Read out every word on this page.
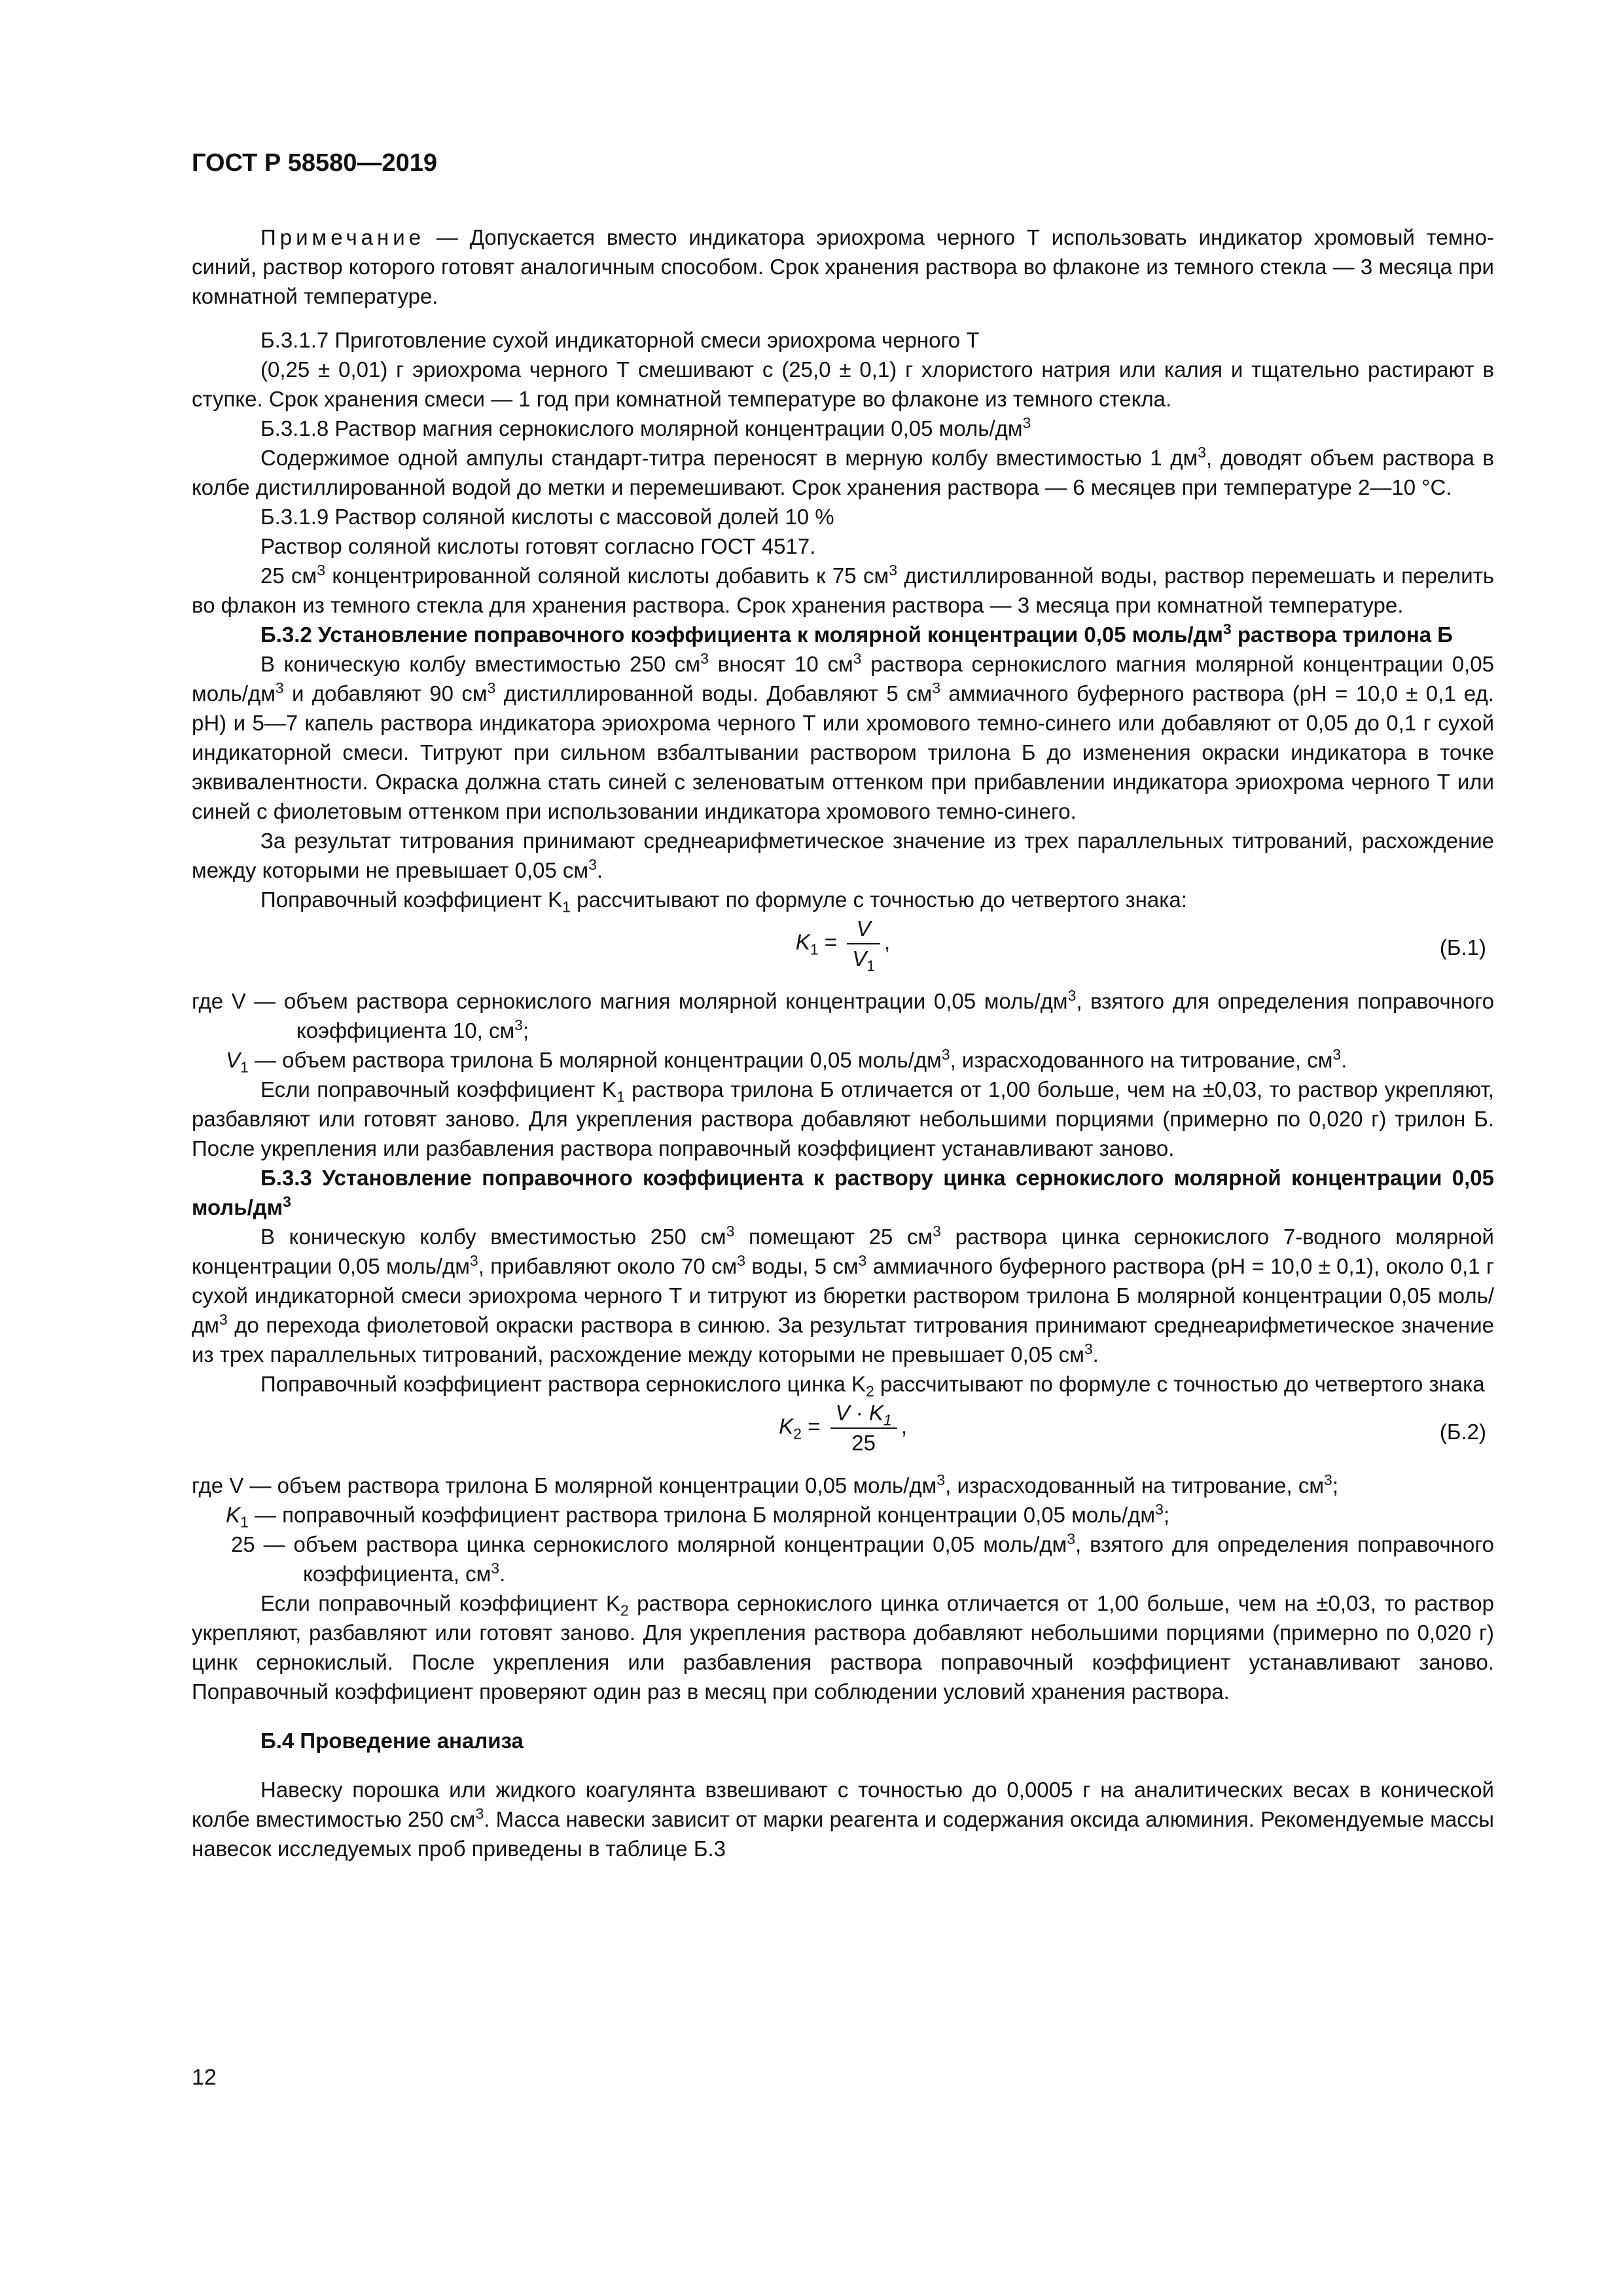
ГОСТ Р 58580—2019

Примечание — Допускается вместо индикатора эриохрома черного Т использовать индикатор хромовый темно-синий, раствор которого готовят аналогичным способом. Срок хранения раствора во флаконе из темного стекла — 3 месяца при комнатной температуре.

Б.3.1.7 Приготовление сухой индикаторной смеси эриохрома черного Т

(0,25 ± 0,01) г эриохрома черного Т смешивают с (25,0 ± 0,1) г хлористого натрия или калия и тщательно растирают в ступке. Срок хранения смеси — 1 год при комнатной температуре во флаконе из темного стекла.

Б.3.1.8 Раствор магния сернокислого молярной концентрации 0,05 моль/$дм^3$

Содержимое одной ампулы стандарт-титра переносят в мерную колбу вместимостью 1 $дм^3$, доводят объем раствора в колбе дистиллированной водой до метки и перемешивают. Срок хранения раствора — 6 месяцев при температуре 2—10 °С.

Б.3.1.9 Раствор соляной кислоты с массовой долей 10 %

Раствор соляной кислоты готовят согласно ГОСТ 4517.

25 $см^3$ концентрированной соляной кислоты добавить к 75 $см^3$ дистиллированной воды, раствор перемешать и перелить во флакон из темного стекла для хранения раствора. Срок хранения раствора — 3 месяца при комнатной температуре.

Б.3.2 Установление поправочного коэффициента к молярной концентрации 0,05 моль/$дм^3$ раствора трилона Б

В коническую колбу вместимостью 250 $см^3$ вносят 10 $см^3$ раствора сернокислого магния молярной концентрации 0,05 моль/$дм^3$ и добавляют 90 $см^3$ дистиллированной воды. Добавляют 5 $см^3$ аммиачного буферного раствора (pH = 10,0 ± 0,1 ед. pH) и 5—7 капель раствора индикатора эриохрома черного Т или хромового темно-синего или добавляют от 0,05 до 0,1 г сухой индикаторной смеси. Титруют при сильном взбалтывании раствором трилона Б до изменения окраски индикатора в точке эквивалентности. Окраска должна стать синей с зеленоватым оттенком при прибавлении индикатора эриохрома черного Т или синей с фиолетовым оттенком при использовании индикатора хромового темно-синего.

За результат титрования принимают среднеарифметическое значение из трех параллельных титрований, расхождение между которыми не превышает 0,05 $см^3$.

Поправочный коэффициент $K_1$ рассчитывают по формуле с точностью до четвертого знака:

$K_1 = \frac{V}{V_1}$ ,	(Б.1)

где V — объем раствора сернокислого магния молярной концентрации 0,05 моль/$дм^3$, взятого для определения поправочного коэффициента 10, $см^3$;

$V_1$ — объем раствора трилона Б молярной концентрации 0,05 моль/$дм^3$, израсходованного на титрование, $см^3$.

Если поправочный коэффициент $K_1$ раствора трилона Б отличается от 1,00 больше, чем на ±0,03, то раствор укрепляют, разбавляют или готовят заново. Для укрепления раствора добавляют небольшими порциями (примерно по 0,020 г) трилон Б. После укрепления или разбавления раствора поправочный коэффициент устанавливают заново.

Б.3.3 Установление поправочного коэффициента к раствору цинка сернокислого молярной концентрации 0,05 моль/$дм^3$

В коническую колбу вместимостью 250 $см^3$ помещают 25 $см^3$ раствора цинка сернокислого 7-водного молярной концентрации 0,05 моль/$дм^3$, прибавляют около 70 $см^3$ воды, 5 $см^3$ аммиачного буферного раствора (pH = 10,0 ± 0,1), около 0,1 г сухой индикаторной смеси эриохрома черного Т и титруют из бюретки раствором трилона Б молярной концентрации 0,05 моль/$дм^3$ до перехода фиолетовой окраски раствора в синюю. За результат титрования принимают среднеарифметическое значение из трех параллельных титрований, расхождение между которыми не превышает 0,05 $см^3$.

Поправочный коэффициент раствора сернокислого цинка $K_2$ рассчитывают по формуле с точностью до четвертого знака

$K_2 = \frac{V \cdot K_1}{25}$ ,	(Б.2)

где V — объем раствора трилона Б молярной концентрации 0,05 моль/$дм^3$, израсходованный на титрование, $см^3$;

$K_1$ — поправочный коэффициент раствора трилона Б молярной концентрации 0,05 моль/$дм^3$;

25 — объем раствора цинка сернокислого молярной концентрации 0,05 моль/$дм^3$, взятого для определения поправочного коэффициента, $см^3$.

Если поправочный коэффициент $K_2$ раствора сернокислого цинка отличается от 1,00 больше, чем на ±0,03, то раствор укрепляют, разбавляют или готовят заново. Для укрепления раствора добавляют небольшими порциями (примерно по 0,020 г) цинк сернокислый. После укрепления или разбавления раствора поправочный коэффициент устанавливают заново. Поправочный коэффициент проверяют один раз в месяц при соблюдении условий хранения раствора.

Б.4 Проведение анализа

Навеску порошка или жидкого коагулянта взвешивают с точностью до 0,0005 г на аналитических весах в конической колбе вместимостью 250 $см^3$. Масса навески зависит от марки реагента и содержания оксида алюминия. Рекомендуемые массы навесок исследуемых проб приведены в таблице Б.3

12
